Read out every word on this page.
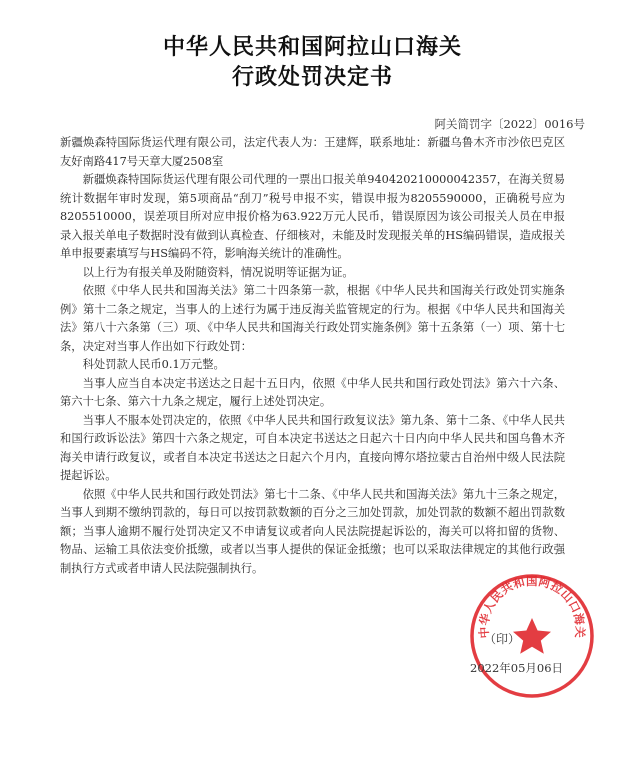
中华人民共和国阿拉山口海关
行政处罚决定书
阿关简罚字〔2022〕0016号

新疆焕森特国际货运代理有限公司，法定代表人为：王建辉，联系地址：新疆乌鲁木齐市沙依巴克区友好南路417号天章大厦2508室

新疆焕森特国际货运代理有限公司代理的一票出口报关单940420210000042357，在海关贸易统计数据年审时发现，第5项商品“刮刀”税号申报不实，错误申报为8205590000，正确税号应为8205510000，误差项目所对应申报价格为63.922万元人民币，错误原因为该公司报关人员在申报录入报关单电子数据时没有做到认真检查、仔细核对，未能及时发现报关单的HS编码错误，造成报关单申报要素填写与HS编码不符，影响海关统计的准确性。

以上行为有报关单及附随资料，情况说明等证据为证。

依照《中华人民共和国海关法》第二十四条第一款，根据《中华人民共和国海关行政处罚实施条例》第十二条之规定，当事人的上述行为属于违反海关监管规定的行为。根据《中华人民共和国海关法》第八十六条第（三）项、《中华人民共和国海关行政处罚实施条例》第十五条第（一）项、第十七条，决定对当事人作出如下行政处罚：

科处罚款人民币0.1万元整。

当事人应当自本决定书送达之日起十五日内，依照《中华人民共和国行政处罚法》第六十六条、第六十七条、第六十九条之规定，履行上述处罚决定。

当事人不服本处罚决定的，依照《中华人民共和国行政复议法》第九条、第十二条、《中华人民共和国行政诉讼法》第四十六条之规定，可自本决定书送达之日起六十日内向中华人民共和国乌鲁木齐海关申请行政复议，或者自本决定书送达之日起六个月内，直接向博尔塔拉蒙古自治州中级人民法院提起诉讼。

依照《中华人民共和国行政处罚法》第七十二条、《中华人民共和国海关法》第九十三条之规定，当事人到期不缴纳罚款的，每日可以按罚款数额的百分之三加处罚款，加处罚款的数额不超出罚款数额；当事人逾期不履行处罚决定又不申请复议或者向人民法院提起诉讼的，海关可以将扣留的货物、物品、运输工具依法变价抵缴，或者以当事人提供的保证金抵缴；也可以采取法律规定的其他行政强制执行方式或者申请人民法院强制执行。

中华人民共和国阿拉山口海关
（印）
2022年05月06日
